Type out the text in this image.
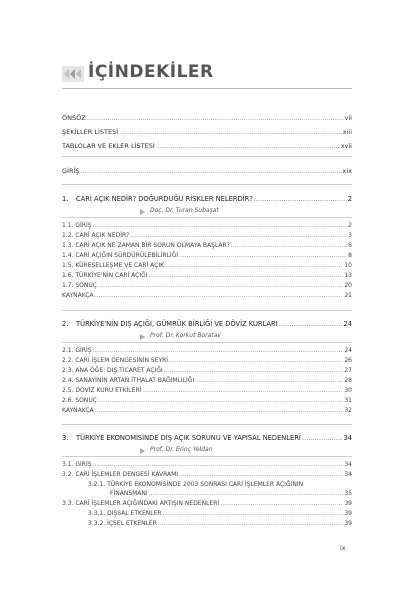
İÇİNDEKİLER
ÖNSÖZ .....	vii
ŞEKİLLER LİSTESİ .....	xiii
TABLOLAR VE EKLER LİSTESİ .....	xvii
GİRİŞ .....	xix
1.	CARİ AÇIK NEDİR? DOĞURDUĞU RİSKLER NELERDİR? .....	2
Doç. Dr. Turan Subaşat
1.1. GİRİŞ .....	2
1.2. CARİ AÇIK NEDİR? .....	3
1.3. CARİ AÇIK NE ZAMAN BİR SORUN OLMAYA BAŞLAR? .....	6
1.4. CARİ AÇIĞIN SÜRDÜRÜLEBİLİRLİĞİ .....	8
1.5. KÜRESELLEŞME VE CARİ AÇIK .....	10
1.6. TÜRKİYE'NİN CARİ AÇIĞI .....	13
1.7. SONUÇ .....	20
KAYNAKÇA .....	21
2.	TÜRKİYE'NİN DIŞ AÇIĞI, GÜMRÜK BİRLİĞİ VE DÖVİZ KURLARI .....	24
Prof. Dr. Korkut Boratav
2.1. GİRİŞ .....	24
2.2. CARİ İŞLEM DENGESİNİN SEYRİ .....	26
2.3. ANA ÖĞE: DIŞ TİCARET AÇIĞI .....	27
2.4. SANAYİNİN ARTAN İTHALAT BAĞIMLILIĞI .....	28
2.5. DÖVİZ KURU ETKİLERİ .....	30
2.6. SONUÇ .....	31
KAYNAKÇA .....	32
3.	TÜRKİYE EKONOMİSİNDE DIŞ AÇIK SORUNU VE YAPISAL NEDENLERİ .....	34
Prof. Dr. Erinç Yeldan
3.1. GİRİŞ .....	34
3.2. CARİ İŞLEMLER DENGESİ KAVRAMI .....	34
3.2.1. TÜRKİYE EKONOMİSİNDE 2003 SONRASI CARİ İŞLEMLER AÇIĞININ
FİNANSMANI .....	35
3.3. CARİ İŞLEMLER AÇIĞINDAKİ ARTIŞIN NEDENLERİ .....	39
3.3.1. DIŞSAL ETKENLER .....	39
3.3.2. İÇSEL ETKENLER .....	39
ix
